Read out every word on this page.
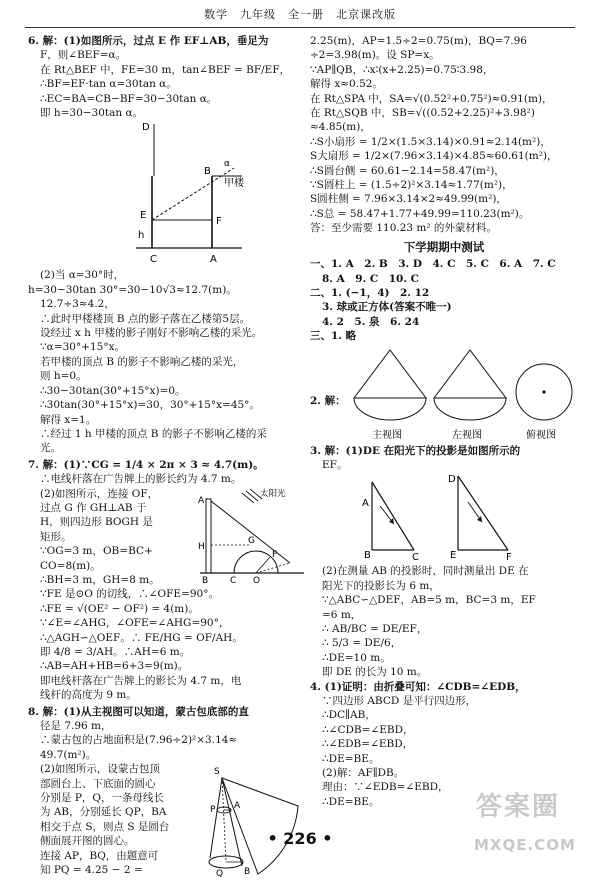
数学　九年级　全一册　北京课改版
6. 解：(1)如图所示，过点 E 作 EF⊥AB，垂足为
F，则∠BEF=α。
在 Rt△BEF 中，FE=30 m，tan∠BEF = BF/EF，
∴BF=EF·tan α=30tan α。
∴EC=BA=CB−BF=30−30tan α。
即 h=30−30tan α。
D
B
α
甲楼
E
F
h
C	A
(2)当 α=30°时，
h=30−30tan 30°=30−10√3≈12.7(m)。
12.7÷3≈4.2，
∴此时甲楼楼顶 B 点的影子落在乙楼第5层。
设经过 x h 甲楼的影子刚好不影响乙楼的采光。
∵α=30°+15°x。
若甲楼的顶点 B 的影子不影响乙楼的采光，
则 h=0。
∴30−30tan(30°+15°x)=0。
∴30tan(30°+15°x)=30，30°+15°x=45°。
解得 x=1。
∴经过 1 h 甲楼的顶点 B 的影子不影响乙楼的采
光。
7. 解：(1)∵CG = 1/4 × 2π × 3 ≈ 4.7(m)。
∴电线杆落在广告牌上的影长约为 4.7 m。
(2)如图所示，连接 OF，
过点 G 作 GH⊥AB 于
H，则四边形 BOGH 是
矩形。
∵OG=3 m，OB=BC+
CO=8(m)。
∴BH=3 m，GH=8 m。
太阳光
A
H
G
B C O
F
∵FE 是⊙O 的切线，∴∠OFE=90°。
∴FE = √(OE² − OF²) = 4(m)。
∵∠E=∠AHG，∠OFE=∠AHG=90°，
∴△AGH∽△OEF。∴ FE/HG = OF/AH。
即 4/8 = 3/AH。∴AH=6 m。
∴AB=AH+HB=6+3=9(m)。
即电线杆落在广告牌上的影长为 4.7 m，电
线杆的高度为 9 m。
8. 解：(1)从主视图可以知道，蒙古包底部的直
径是 7.96 m，
∴蒙古包的占地面积是(7.96÷2)²×3.14≈
49.7(m²)。
(2)如图所示，设蒙古包顶
部圆台上、下底面的圆心
分别是 P，Q，一条母线长
为 AB，分别延长 QP，BA
相交于点 S，则点 S 是圆台
侧面展开图的圆心。
连接 AP，BQ，由题意可
知 PQ = 4.25 − 2 =
S
P A
Q B
2.25(m)，AP=1.5÷2=0.75(m)，BQ=7.96
÷2=3.98(m)。设 SP=x。
∵AP∥QB，∴x∶(x+2.25)=0.75∶3.98，
解得 x≈0.52。
在 Rt△SPA 中，SA=√(0.52²+0.75²)≈0.91(m)，
在 Rt△SQB 中，SB=√((0.52+2.25)²+3.98²)
≈4.85(m)，
∴S小扇形 = 1/2×(1.5×3.14)×0.91≈2.14(m²)，
S大扇形 = 1/2×(7.96×3.14)×4.85≈60.61(m²)，
∴S圆台侧 = 60.61−2.14=58.47(m²)，
∵S圆柱上 = (1.5÷2)²×3.14≈1.77(m²)，
S圆柱侧 = 7.96×3.14×2≈49.99(m²)，
∴S总 = 58.47+1.77+49.99=110.23(m²)。
答：至少需要 110.23 m² 的外蒙材料。
下学期期中测试
一、1. A　2. B　3. D　4. C　5. C　6. A　7. C
8. A　9. C　10. C
二、1. (−1，4)　2. 12
3. 球或正方体(答案不唯一)
4. 2　5. 泉　6. 24
三、1. 略
2. 解：
主视图	左视图	俯视图
3. 解：(1)DE 在阳光下的投影是如图所示的
EF。
A
B	C
D
E	F
(2)在测量 AB 的投影时，同时测量出 DE 在
阳光下的投影长为 6 m，
∵△ABC∽△DEF，AB=5 m，BC=3 m，EF
=6 m，
∴ AB/BC = DE/EF，
∴ 5/3 = DE/6，
∴DE=10 m。
即 DE 的长为 10 m。
4. (1)证明：由折叠可知：∠CDB=∠EDB，
∵四边形 ABCD 是平行四边形，
∴DC∥AB，
∴∠CDB=∠EBD，
∴∠EDB=∠EBD，
∴DE=BE。
(2)解：AF∥DB。
理由：∵∠EDB=∠EBD，
∴DE=BE。
• 226 •
答案圈
MXQE.COM
